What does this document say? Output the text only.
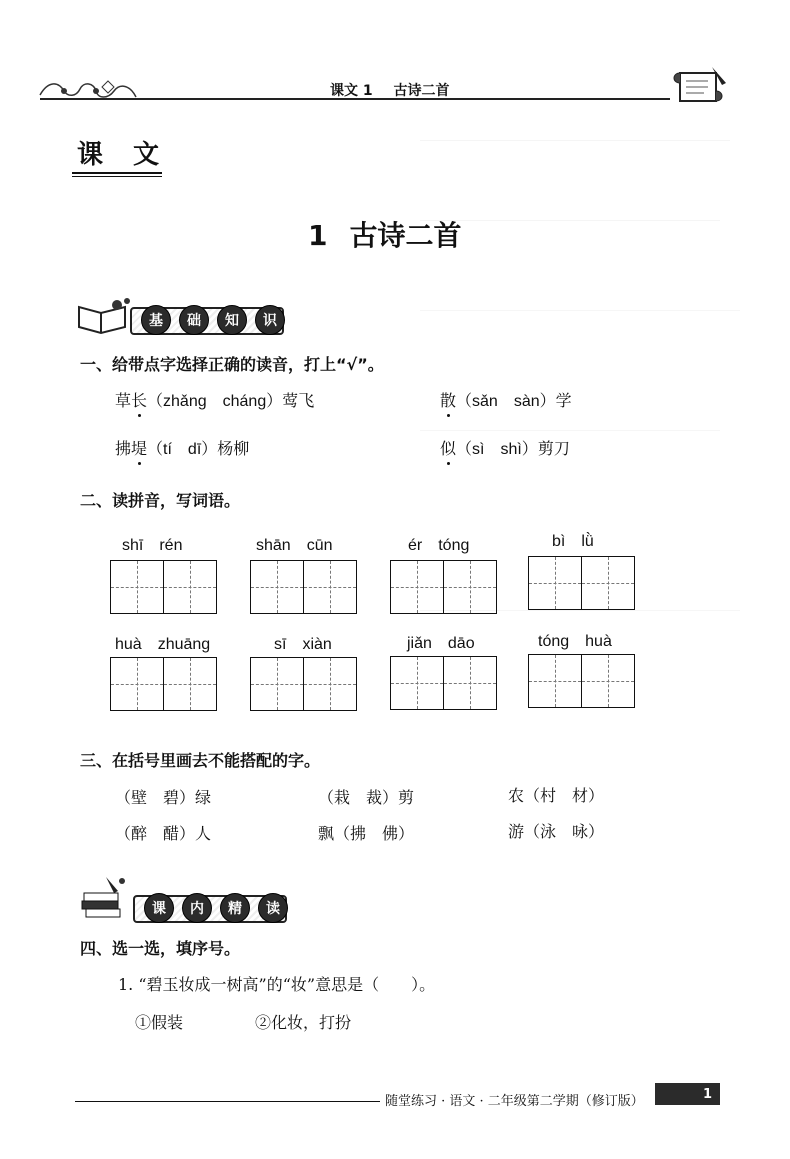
课文 1 古诗二首
课文
1 古诗二首
基	础	知	识
一、给带点字选择正确的读音，打上“√”。
草长（zhǎng　cháng）莺飞	散（sǎn　sàn）学
拂堤（tí　dī）杨柳	似（sì　shì）剪刀
二、读拼音，写词语。
shī　rén	shān　cūn	ér　tóng	bì　lǜ
huà　zhuāng	sī　xiàn	jiǎn　dāo	tóng　huà
三、在括号里画去不能搭配的字。
（壁　碧）绿	（栽　裁）剪	农（村　材）
（醉　醋）人	飘（拂　佛）	游（泳　咏）
课	内	精	读
四、选一选，填序号。
1. “碧玉妆成一树高”的“妆”意思是（　　）。
①假装	②化妆，打扮
随堂练习 · 语文 · 二年级第二学期（修订版）	1
